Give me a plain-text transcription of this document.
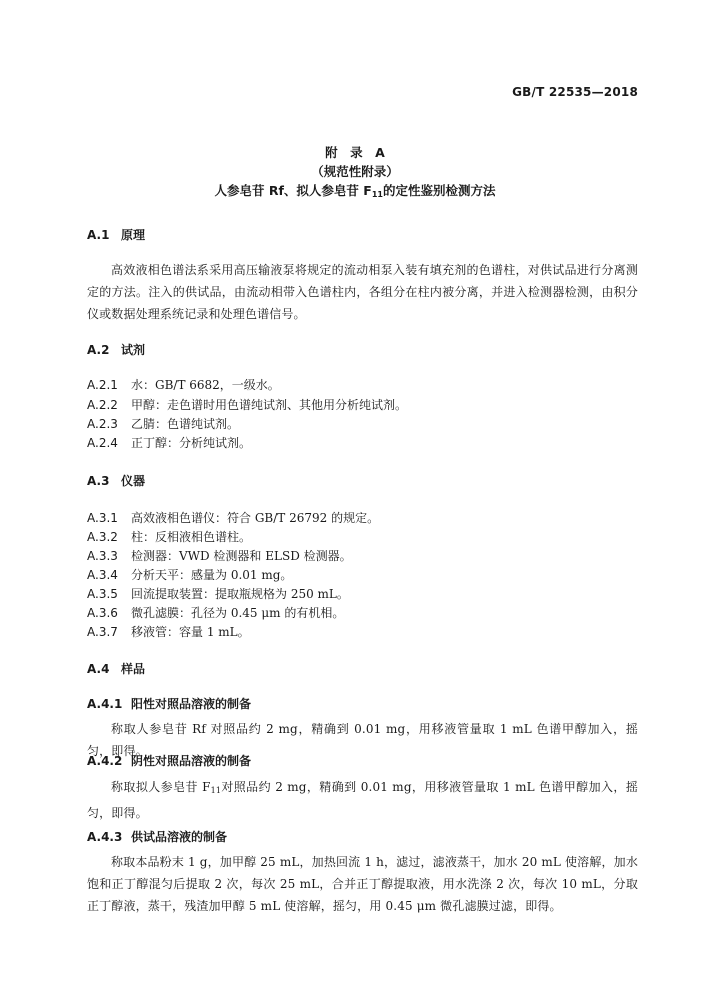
GB/T 22535—2018
附　录　A
（规范性附录）
人参皂苷 Rf、拟人参皂苷 $F_{11}$的定性鉴别检测方法
A.1 原理
高效液相色谱法系采用高压输液泵将规定的流动相泵入装有填充剂的色谱柱，对供试品进行分离测定的方法。注入的供试品，由流动相带入色谱柱内，各组分在柱内被分离，并进入检测器检测，由积分仪或数据处理系统记录和处理色谱信号。
A.2 试剂
A.2.1 水：GB/T 6682，一级水。
A.2.2 甲醇：走色谱时用色谱纯试剂、其他用分析纯试剂。
A.2.3 乙腈：色谱纯试剂。
A.2.4 正丁醇：分析纯试剂。
A.3 仪器
A.3.1 高效液相色谱仪：符合 GB/T 26792 的规定。
A.3.2 柱：反相液相色谱柱。
A.3.3 检测器：VWD 检测器和 ELSD 检测器。
A.3.4 分析天平：感量为 0.01 mg。
A.3.5 回流提取装置：提取瓶规格为 250 mL。
A.3.6 微孔滤膜：孔径为 0.45 μm 的有机相。
A.3.7 移液管：容量 1 mL。
A.4 样品
A.4.1 阳性对照品溶液的制备
称取人参皂苷 Rf 对照品约 2 mg，精确到 0.01 mg，用移液管量取 1 mL 色谱甲醇加入，摇匀，即得。
A.4.2 阴性对照品溶液的制备
称取拟人参皂苷 $F_{11}$对照品约 2 mg，精确到 0.01 mg，用移液管量取 1 mL 色谱甲醇加入，摇匀，即得。
A.4.3 供试品溶液的制备
称取本品粉末 1 g，加甲醇 25 mL，加热回流 1 h，滤过，滤液蒸干，加水 20 mL 使溶解，加水饱和正丁醇混匀后提取 2 次，每次 25 mL，合并正丁醇提取液，用水洗涤 2 次，每次 10 mL，分取正丁醇液，蒸干，残渣加甲醇 5 mL 使溶解，摇匀，用 0.45 μm 微孔滤膜过滤，即得。
